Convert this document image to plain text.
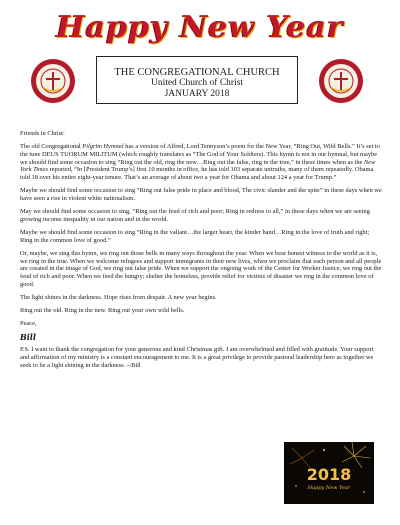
Happy New Year
THE CONGREGATIONAL CHURCH
United Church of Christ
JANUARY 2018

Friends in Christ:

The old Congregational Pilgrim Hymnal has a version of Alfred, Lord Tennyson’s poem for the New Year, “Ring Out, Wild Bells.” It’s set to the tune DEUS TUORUM MILITUM (which roughly translates as “The God of Your Soldiers). This hymn is not in our hymnal, but maybe we should find some occasion to sing “Ring out the old, ring the new…Ring out the false, ring in the true,” in these times when as the New York Times reported, “In [President Trump’s] first 10 months in office, he has told 103 separate untruths, many of them repeatedly. Obama told 18 over his entire eight-year tenure. That’s an average of about two a year for Obama and about 124 a year for Trump.”

Maybe we should find some occasion to sing “Ring out false pride in place and blood, The civic slander and the spite” in these days when we have seen a rise in violent white nationalism.

May we should find some occasion to sing, “Ring out the feud of rich and poor; Ring in redress to all,” in these days when we are seeing growing income inequality in our nation and in the world.

Maybe we should find some occasion to sing “Ring in the valiant…the larger heart, the kinder hand…Ring in the love of truth and right; Ring in the common love of good.”

Or, maybe, we sing this hymn, we ring out those bells in many ways throughout the year. When we bear honest witness to the world as it is, we ring in the true. When we welcome refugees and support immigrants in their new lives, when we proclaim that each person and all people are created in the image of God, we ring out false pride. When we support the ongoing work of the Center for Worker Justice, we ring out the feud of rich and poor. When we feed the hungry; shelter the homeless, provide relief for victims of disaster we ring in the common love of good.

The light shines in the darkness. Hope rises from despair. A new year begins.

Ring out the old. Ring in the new. Ring out your own wild bells.

Peace,

Bill

P.S. I want to thank the congregation for your generous and kind Christmas gift. I am overwhelmed and filled with gratitude. Your support and affirmation of my ministry is a constant encouragement to me. It is a great privilege to provide pastoral leadership here as together we seek to be a light shining in the darkness. --Bill

2018
Happy New Year
